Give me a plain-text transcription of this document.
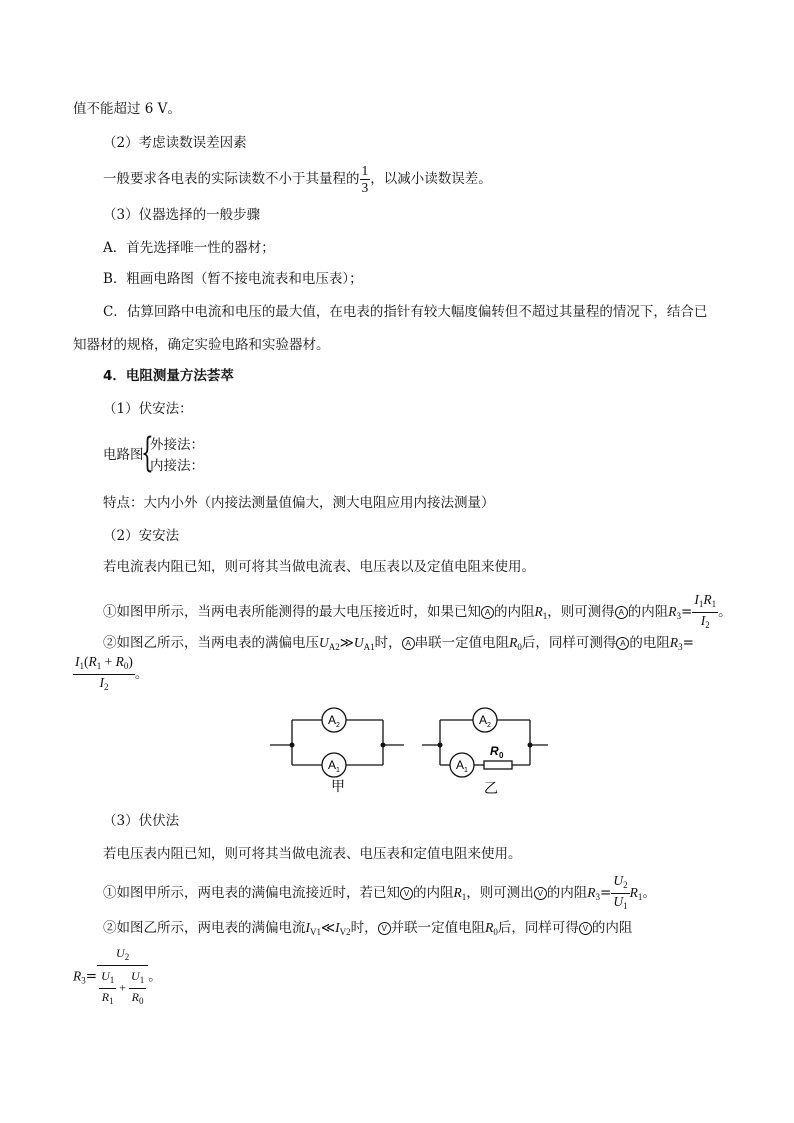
值不能超过 6 V。
（2）考虑读数误差因素
一般要求各电表的实际读数不小于其量程的 $\frac{1}{3}$ ，以减小读数误差。
（3）仪器选择的一般步骤
A．首先选择唯一性的器材；
B．粗画电路图（暂不接电流表和电压表）；
C．估算回路中电流和电压的最大值，在电表的指针有较大幅度偏转但不超过其量程的情况下，结合已
知器材的规格，确定实验电路和实验器材。
4．电阻测量方法荟萃
（1）伏安法：
电路图
{
外接法：
内接法：
特点：大内小外（内接法测量值偏大，测大电阻应用内接法测量）
（2）安安法
若电流表内阻已知，则可将其当做电流表、电压表以及定值电阻来使用。
①如图甲所示，当两电表所能测得的最大电压接近时，如果已知 A 的内阻$R_1$，则可测得 A 的内阻$R_3= \frac{I_1R_1}{I_2}$ 。
②如图乙所示，当两电表的满偏电压$U_{A2}≫U_{A1}$时， A 串联一定值电阻$R_0$后，同样可测得 A 的电阻$R_3=$
$\frac{I_1(R_1 + R_0)}{I_2}$ 。
A 2
A 1
A 2
A 1
R 0
甲	乙
（3）伏伏法
若电压表内阻已知，则可将其当做电流表、电压表和定值电阻来使用。
①如图甲所示，两电表的满偏电流接近时，若已知 V 的内阻$R_1$，则可测出 V 的内阻$R_3= \frac{U_2}{U_1} R_1$。
②如图乙所示，两电表的满偏电流$I_{V1}≪I_{V2}$时， V 并联一定值电阻$R_0$后，同样可得 V 的内阻
$R_3= \frac{U_2}{\frac{U_1}{R_1} + \frac{U_1}{R_0}}$ 。
